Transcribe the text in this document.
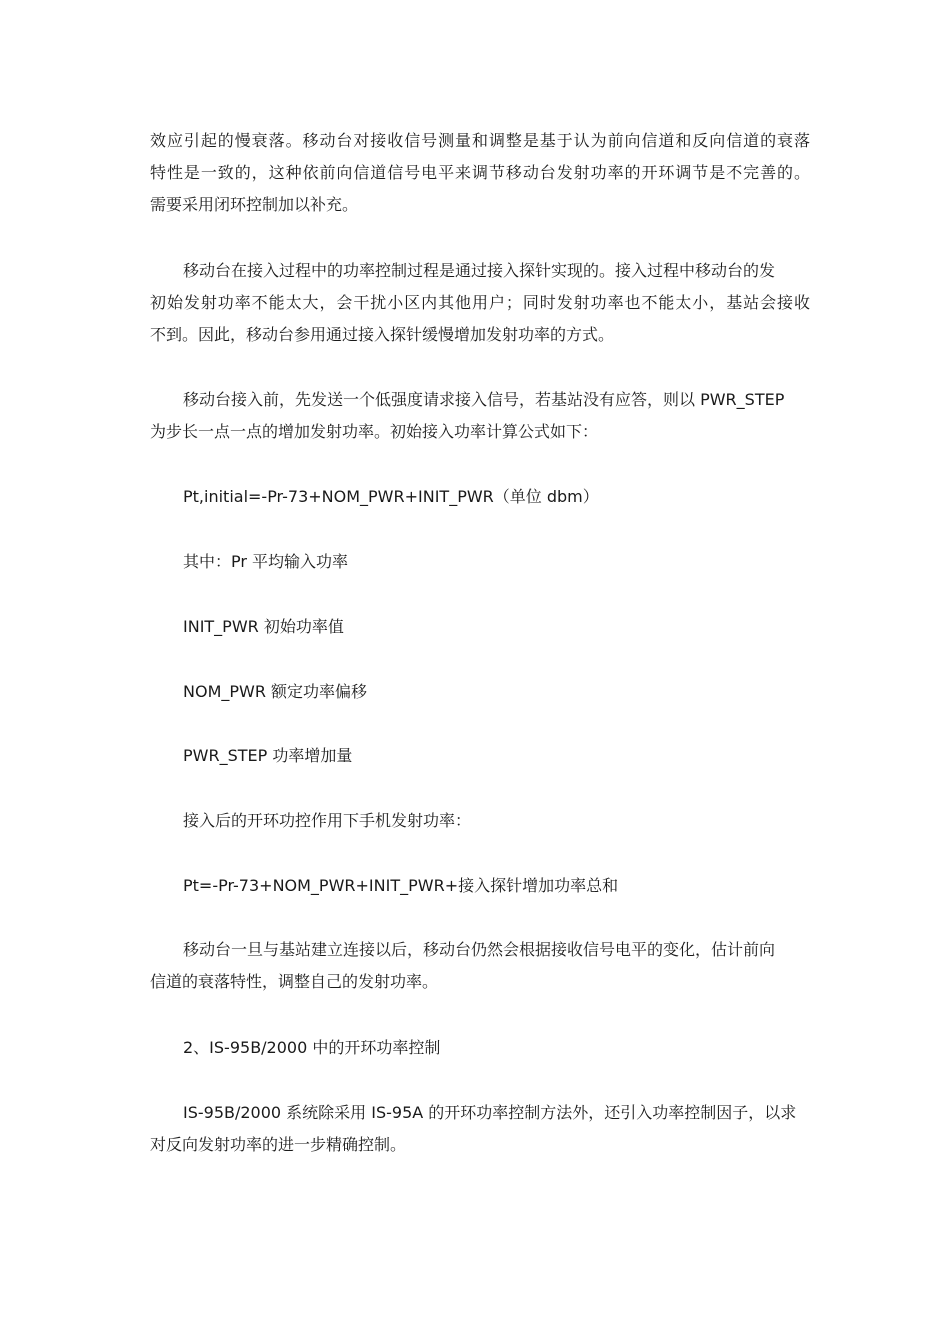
效应引起的慢衰落。移动台对接收信号测量和调整是基于认为前向信道和反向信道的衰落
特性是一致的，这种依前向信道信号电平来调节移动台发射功率的开环调节是不完善的。
需要采用闭环控制加以补充。

移动台在接入过程中的功率控制过程是通过接入探针实现的。接入过程中移动台的发
初始发射功率不能太大，会干扰小区内其他用户；同时发射功率也不能太小，基站会接收
不到。因此，移动台参用通过接入探针缓慢增加发射功率的方式。

移动台接入前，先发送一个低强度请求接入信号，若基站没有应答，则以 PWR_STEP
为步长一点一点的增加发射功率。初始接入功率计算公式如下：

Pt,initial=-Pr-73+NOM_PWR+INIT_PWR（单位 dbm）

其中：Pr 平均输入功率

INIT_PWR 初始功率值

NOM_PWR 额定功率偏移

PWR_STEP 功率增加量

接入后的开环功控作用下手机发射功率：

Pt=-Pr-73+NOM_PWR+INIT_PWR+接入探针增加功率总和

移动台一旦与基站建立连接以后，移动台仍然会根据接收信号电平的变化，估计前向
信道的衰落特性，调整自己的发射功率。

2、IS-95B/2000 中的开环功率控制

IS-95B/2000 系统除采用 IS-95A 的开环功率控制方法外，还引入功率控制因子，以求
对反向发射功率的进一步精确控制。
